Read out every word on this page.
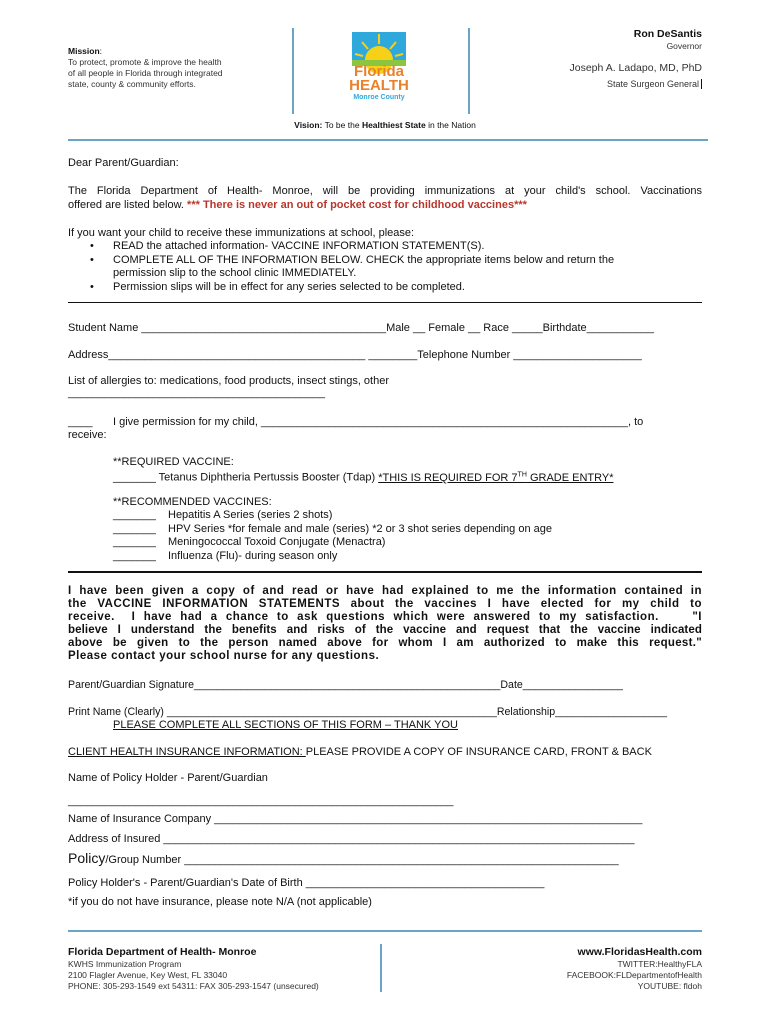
Mission:
To protect, promote & improve the health
of all people in Florida through integrated
state, county & community efforts.
Florida
HEALTH
Monroe County
Ron DeSantis
Governor
Joseph A. Ladapo, MD, PhD
State Surgeon General
Vision: To be the Healthiest State in the Nation
Dear Parent/Guardian:
The Florida Department of Health- Monroe, will be providing immunizations at your child's school. Vaccinations
offered are listed below. *** There is never an out of pocket cost for childhood vaccines***
If you want your child to receive these immunizations at school, please:
• READ the attached information- VACCINE INFORMATION STATEMENT(S).
• COMPLETE ALL OF THE INFORMATION BELOW. CHECK the appropriate items below and return the
permission slip to the school clinic IMMEDIATELY.
• Permission slips will be in effect for any series selected to be completed.
Student Name ________________________________________Male __ Female __ Race _____Birthdate___________
Address__________________________________________ ________Telephone Number _____________________
List of allergies to: medications, food products, insect stings, other
__________________________________________
____ I give permission for my child, ____________________________________________________________, to
receive:
**REQUIRED VACCINE:
_______ Tetanus Diphtheria Pertussis Booster (Tdap) *THIS IS REQUIRED FOR 7TH GRADE ENTRY*
**RECOMMENDED VACCINES:
_______ Hepatitis A Series (series 2 shots)
_______ HPV Series *for female and male (series) *2 or 3 shot series depending on age
_______ Meningococcal Toxoid Conjugate (Menactra)
_______ Influenza (Flu)- during season only
I have been given a copy of and read or have had explained to me the information contained in
the VACCINE INFORMATION STATEMENTS about the vaccines I have elected for my child to
receive.  I have had a chance to ask questions which were answered to my satisfaction.    "I
believe I understand the benefits and risks of the vaccine and request that the vaccine indicated
above be given to the person named above for whom I am authorized to make this request."
Please contact your school nurse for any questions.
Parent/Guardian Signature____________________________________________________Date_________________
Print Name (Clearly) ________________________________________________________Relationship___________________
PLEASE COMPLETE ALL SECTIONS OF THIS FORM – THANK YOU
CLIENT HEALTH INSURANCE INFORMATION: PLEASE PROVIDE A COPY OF INSURANCE CARD, FRONT & BACK
Name of Policy Holder - Parent/Guardian
_______________________________________________________________
Name of Insurance Company ______________________________________________________________________
Address of Insured _____________________________________________________________________________
Policy/Group Number _______________________________________________________________________
Policy Holder's - Parent/Guardian's Date of Birth _______________________________________
*if you do not have insurance, please note N/A (not applicable)
Florida Department of Health- Monroe
KWHS Immunization Program
2100 Flagler Avenue, Key West, FL 33040
PHONE: 305-293-1549 ext 54311: FAX 305-293-1547 (unsecured)
www.FloridasHealth.com
TWITTER:HealthyFLA
FACEBOOK:FLDepartmentofHealth
YOUTUBE: fldoh
